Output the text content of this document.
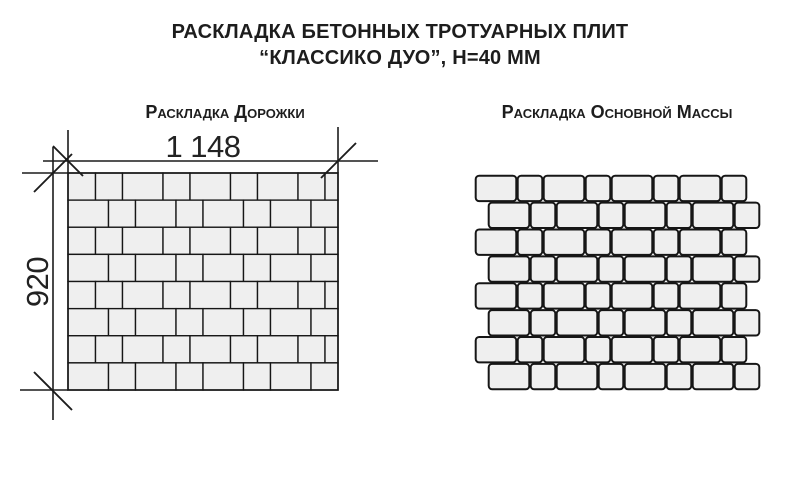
РАСКЛАДКА БЕТОННЫХ ТРОТУАРНЫХ ПЛИТ
“КЛАССИКО ДУО”, Н=40 ММ
Раскладка Дорожки	Раскладка Основной Массы
1 148
920
